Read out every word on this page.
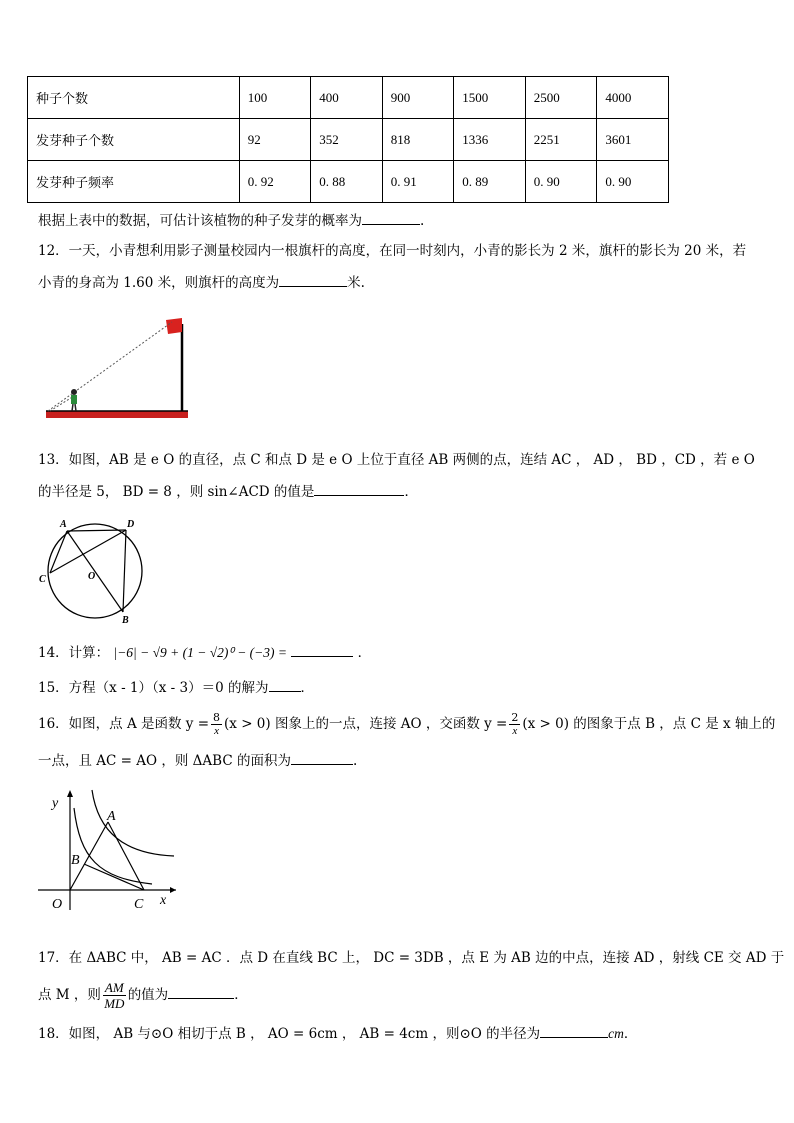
种子个数	100	400	900	1500	2500	4000
发芽种子个数	92	352	818	1336	2251	3601
发芽种子频率	0. 92	0. 88	0. 91	0. 89	0. 90	0. 90
根据上表中的数据，可估计该植物的种子发芽的概率为	.
12．一天，小青想利用影子测量校园内一根旗杆的高度，在同一时刻内，小青的影长为 2 米，旗杆的影长为 20 米，若
小青的身高为 1.60 米，则旗杆的高度为	米.
13．如图，AB 是 e O 的直径，点 C 和点 D 是 e O 上位于直径 AB 两侧的点，连结 AC ， AD ， BD ，CD ，若 e O
的半径是 5， BD = 8 ，则 sin∠ACD 的值是	．
A	D
C	O
B
14．计算： |−6| − √9 + (1 − √2)⁰ − (−3) =	．
15．方程（x - 1）（x - 3）＝0 的解为 ．
16．如图，点 A 是函数 $y = \frac{8}{x} (x > 0)$ 图象上的一点，连接 AO ，交函数 $y = \frac{2}{x} (x > 0)$ 的图象于点 B ，点 C 是 x 轴上的
一点，且 AC = AO ，则 ΔABC 的面积为	.
y
A
B
O	C x
17．在 ΔABC 中， AB = AC ．点 D 在直线 BC 上， DC = 3DB ，点 E 为 AB 边的中点，连接 AD ，射线 CE 交 AD 于
点 M ，则 $\frac{AM}{MD}$ 的值为	．
18．如图， AB 与⊙O 相切于点 B ， AO = 6cm ， AB = 4cm ，则⊙O 的半径为	cm．
